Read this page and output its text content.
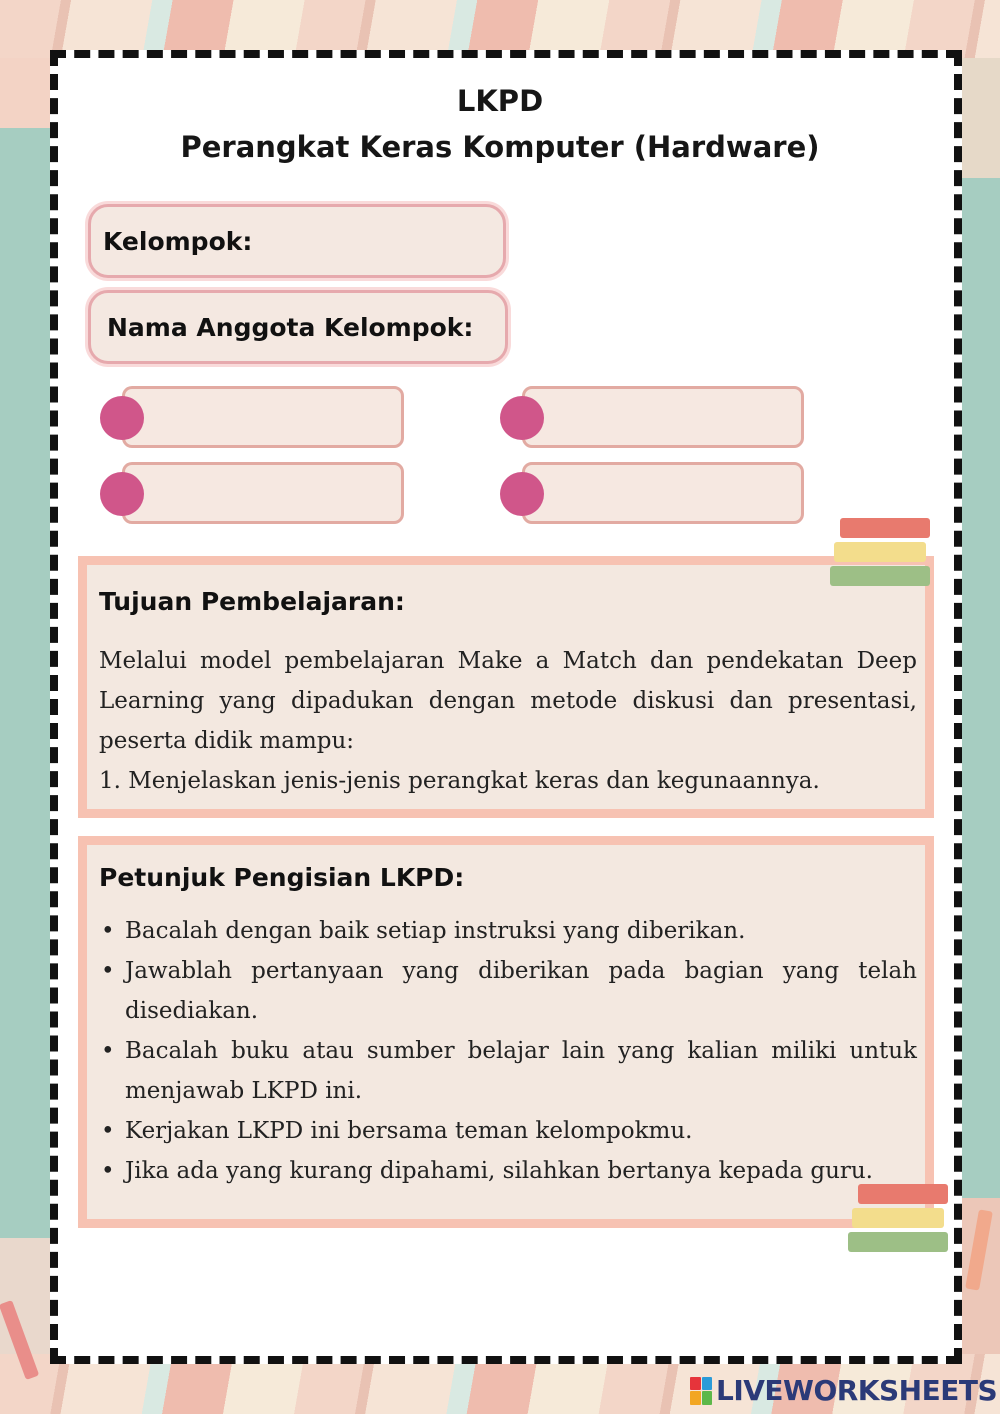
LKPD
Perangkat Keras Komputer (Hardware)
Kelompok:
Nama Anggota Kelompok:
Tujuan Pembelajaran:
Melalui model pembelajaran Make a Match dan pendekatan Deep Learning yang dipadukan dengan metode diskusi dan presentasi, peserta didik mampu:
1. Menjelaskan jenis-jenis perangkat keras dan kegunaannya.
Petunjuk Pengisian LKPD:
• Bacalah dengan baik setiap instruksi yang diberikan.
• Jawablah pertanyaan yang diberikan pada bagian yang telah disediakan.
• Bacalah buku atau sumber belajar lain yang kalian miliki untuk menjawab LKPD ini.
• Kerjakan LKPD ini bersama teman kelompokmu.
• Jika ada yang kurang dipahami, silahkan bertanya kepada guru.
LIVEWORKSHEETS
